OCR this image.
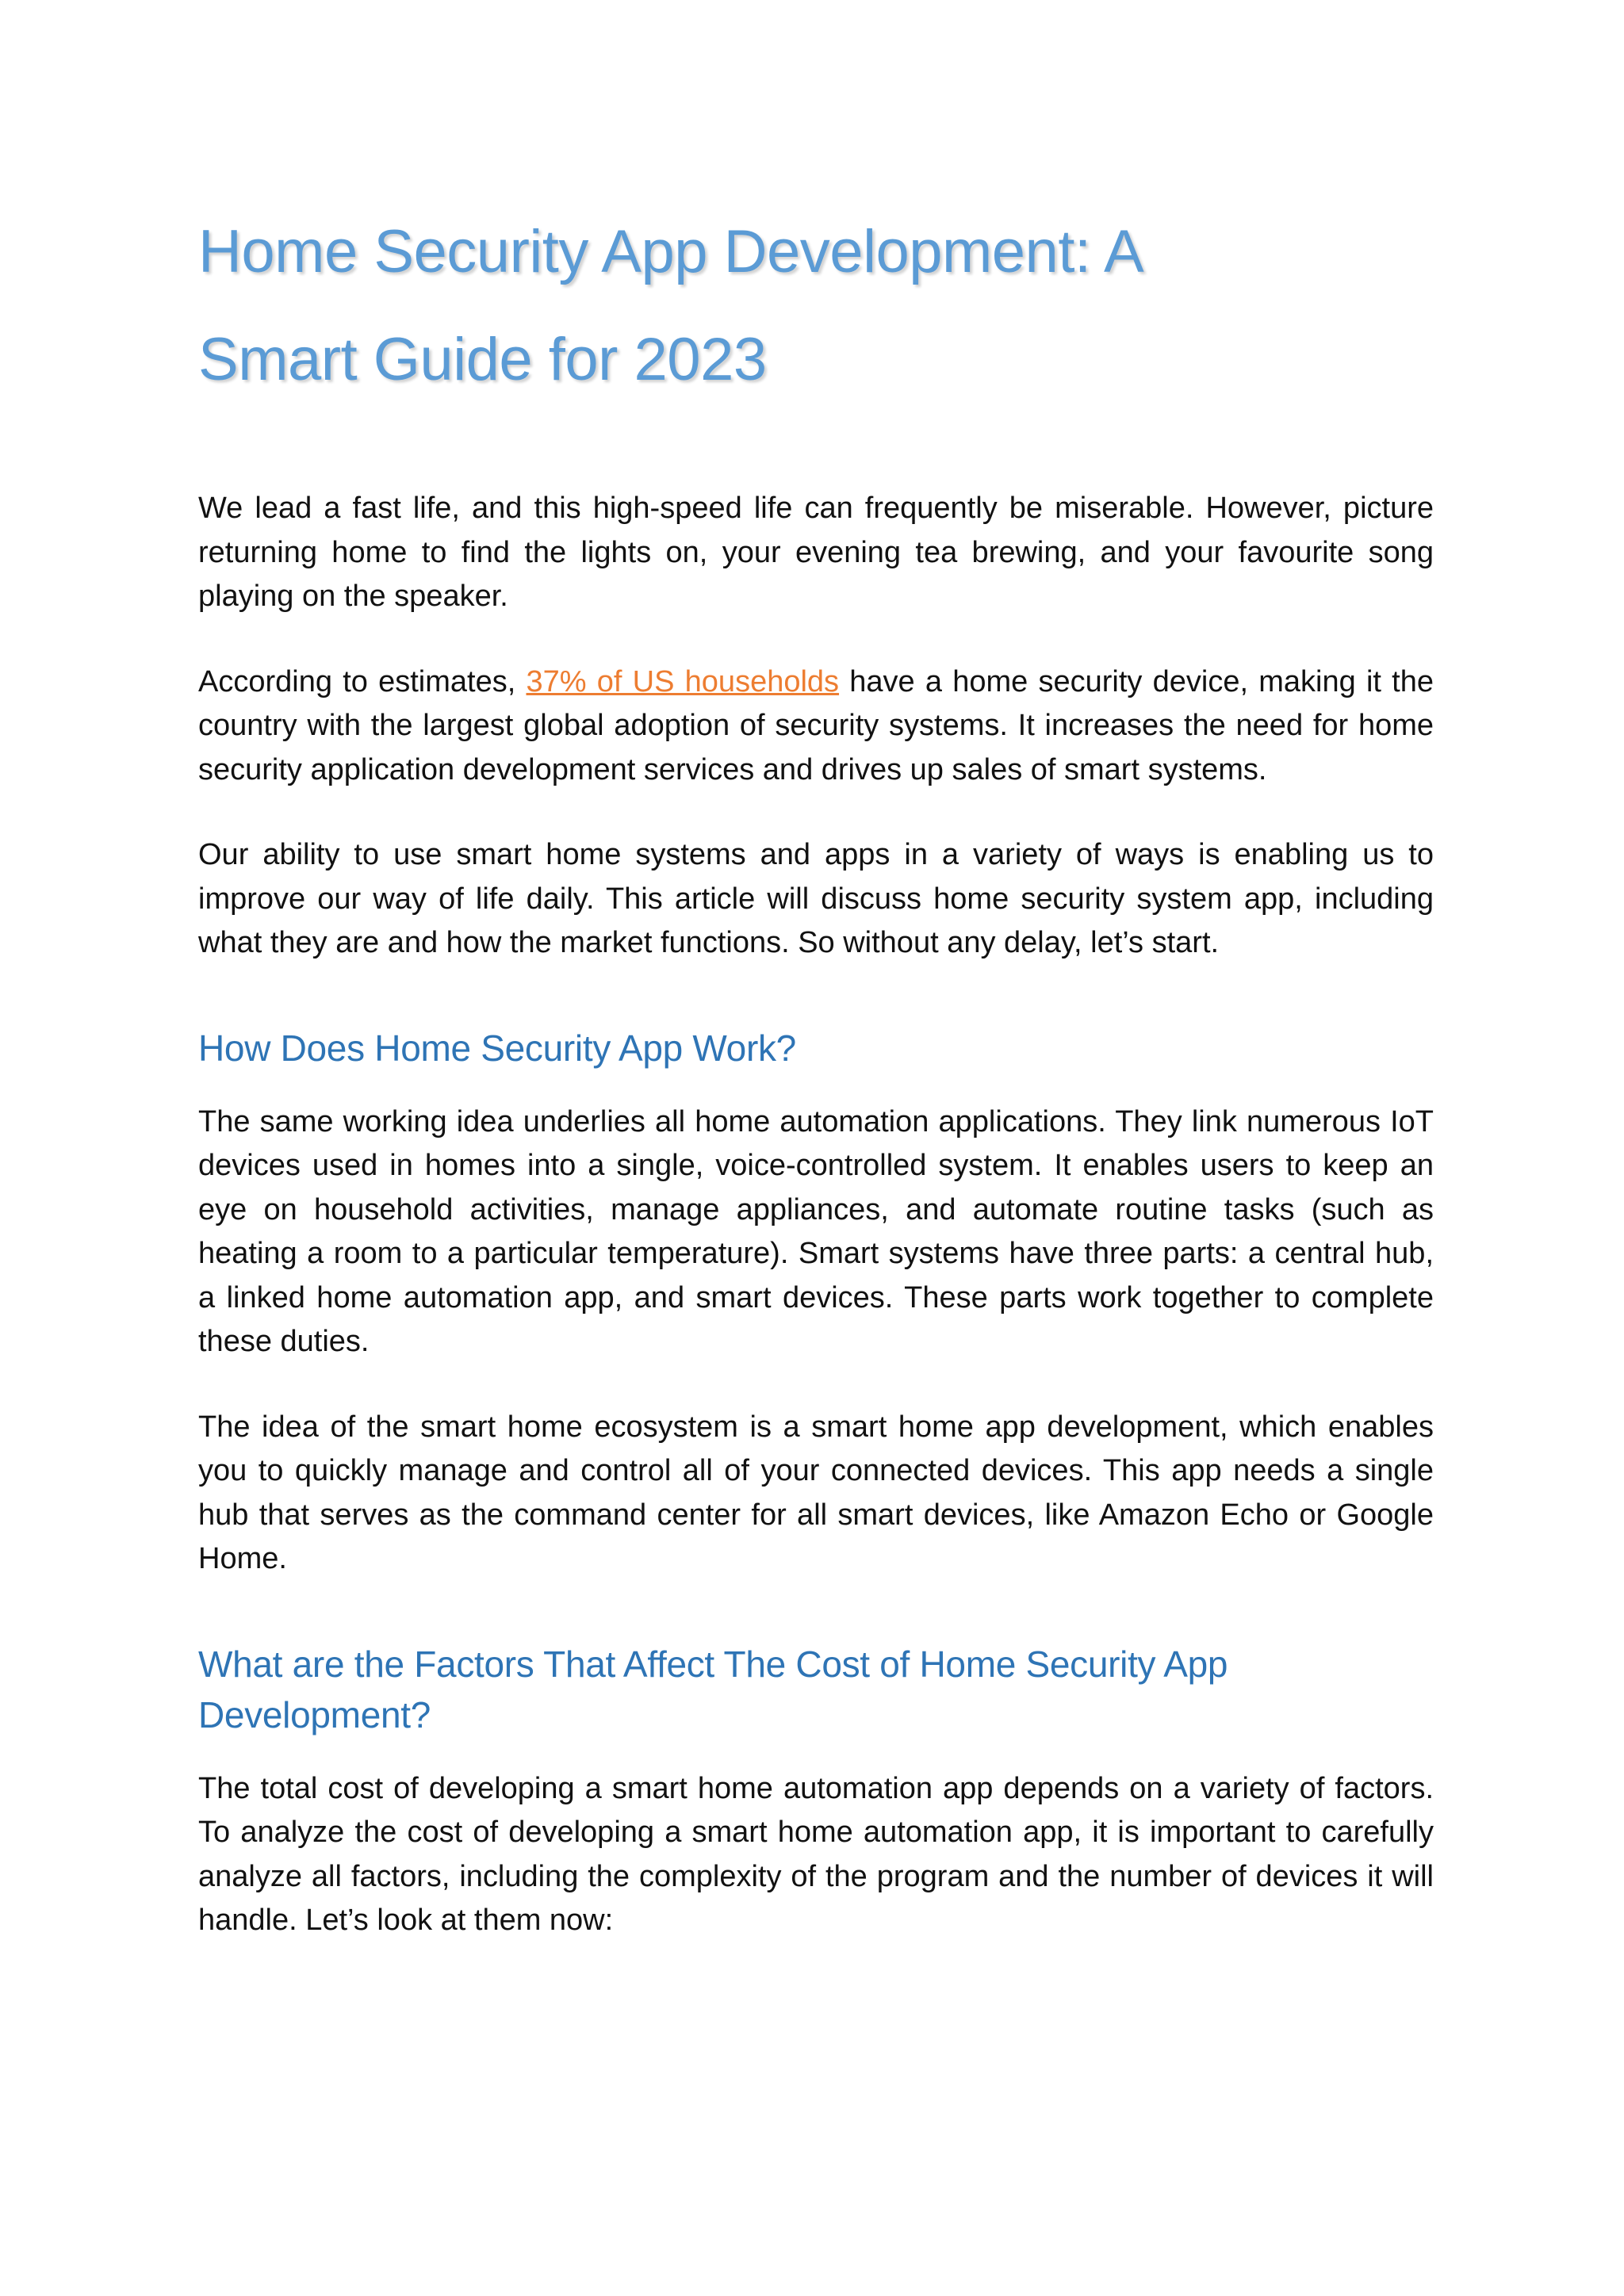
Home Security App Development: A Smart Guide for 2023

We lead a fast life, and this high-speed life can frequently be miserable. However, picture returning home to find the lights on, your evening tea brewing, and your favourite song playing on the speaker.

According to estimates, 37% of US households have a home security device, making it the country with the largest global adoption of security systems. It increases the need for home security application development services and drives up sales of smart systems.

Our ability to use smart home systems and apps in a variety of ways is enabling us to improve our way of life daily. This article will discuss home security system app, including what they are and how the market functions. So without any delay, let’s start.

How Does Home Security App Work?

The same working idea underlies all home automation applications. They link numerous IoT devices used in homes into a single, voice-controlled system. It enables users to keep an eye on household activities, manage appliances, and automate routine tasks (such as heating a room to a particular temperature). Smart systems have three parts: a central hub, a linked home automation app, and smart devices. These parts work together to complete these duties.

The idea of the smart home ecosystem is a smart home app development, which enables you to quickly manage and control all of your connected devices. This app needs a single hub that serves as the command center for all smart devices, like Amazon Echo or Google Home.

What are the Factors That Affect The Cost of Home Security App Development?

The total cost of developing a smart home automation app depends on a variety of factors. To analyze the cost of developing a smart home automation app, it is important to carefully analyze all factors, including the complexity of the program and the number of devices it will handle. Let’s look at them now:
